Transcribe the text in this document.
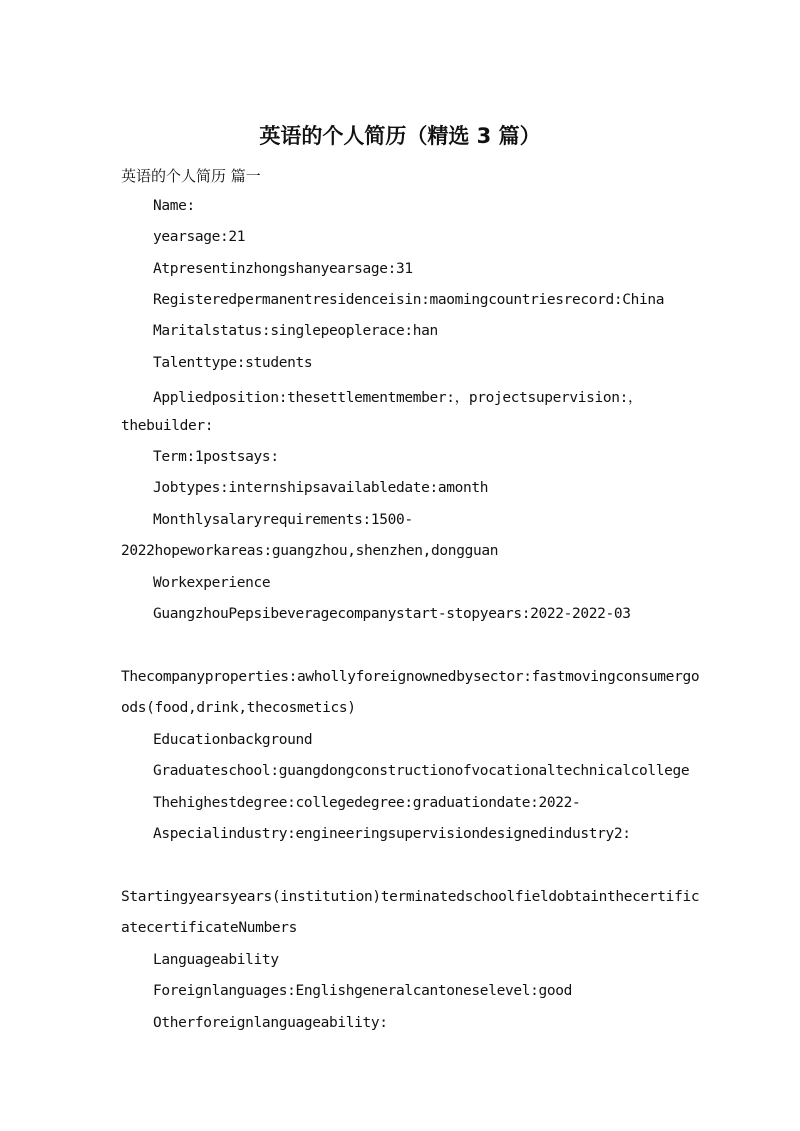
英语的个人简历（精选 3 篇）
英语的个人简历 篇一
Name:
yearsage:21
Atpresentinzhongshanyearsage:31
Registeredpermanentresidenceisin:maomingcountriesrecord:China
Maritalstatus:singlepeoplerace:han
Talenttype:students
Appliedposition:thesettlementmember:，projectsupervision:，
thebuilder:
Term:1postsays:
Jobtypes:internshipsavailabledate:amonth
Monthlysalaryrequirements:1500-
2022hopeworkareas:guangzhou,shenzhen,dongguan
Workexperience
GuangzhouPepsibeveragecompanystart-stopyears:2022-2022-03
Thecompanyproperties:awhollyforeignownedbysector:fastmovingconsumergo
ods(food,drink,thecosmetics)
Educationbackground
Graduateschool:guangdongconstructionofvocationaltechnicalcollege
Thehighestdegree:collegedegree:graduationdate:2022-
Aspecialindustry:engineeringsupervisiondesignedindustry2:
Startingyearsyears(institution)terminatedschoolfieldobtainthecertific
atecertificateNumbers
Languageability
Foreignlanguages:Englishgeneralcantoneselevel:good
Otherforeignlanguageability:
